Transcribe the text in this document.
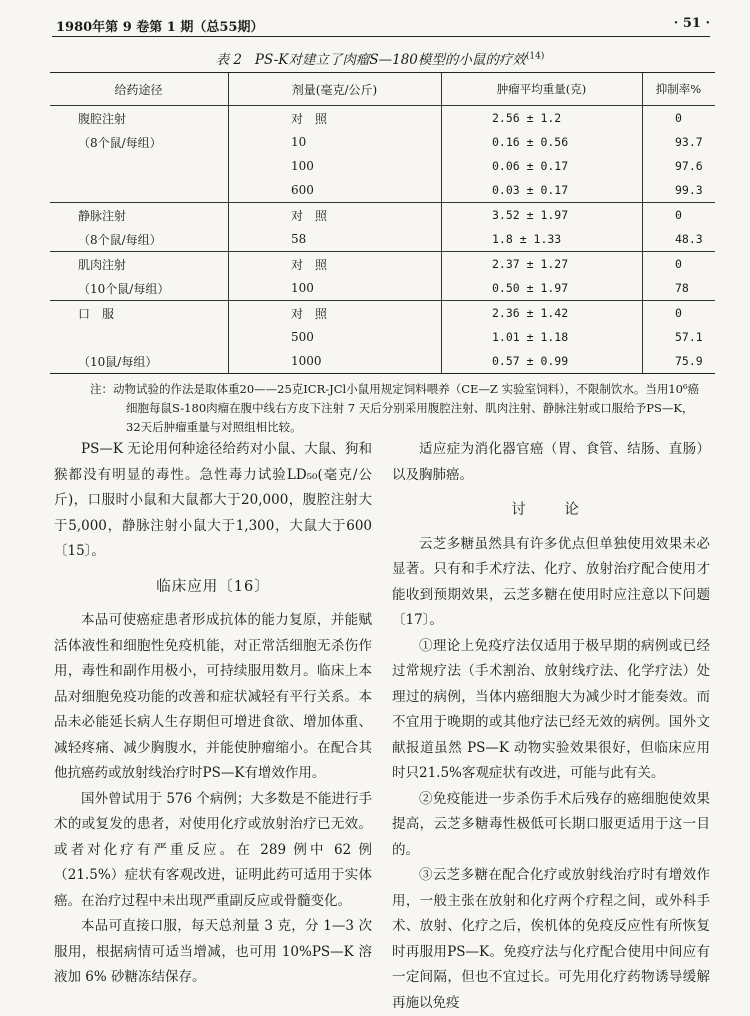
1980年第 9 卷第 1 期（总55期）	· 51 ·
表 2 PS-K对建立了肉瘤S—180模型的小鼠的疗效$^{(14)}$
给药途径	剂量(毫克/公斤)	肿瘤平均重量(克)	抑制率%
腹腔注射	对　照	2.56 ± 1.2	0
（8个鼠/每组）	10	0.16 ± 0.56	93.7
	100	0.06 ± 0.17	97.6
	600	0.03 ± 0.17	99.3
静脉注射	对　照	3.52 ± 1.97	0
（8个鼠/每组）	58	1.8 ± 1.33	48.3
肌肉注射	对　照	2.37 ± 1.27	0
（10个鼠/每组）	100	0.50 ± 1.97	78
口　服	对　照	2.36 ± 1.42	0
	500	1.01 ± 1.18	57.1
（10鼠/每组）	1000	0.57 ± 0.99	75.9
注：动物试验的作法是取体重20——25克ICR-JCl小鼠用规定饲料喂养（CE—Z 实验室饲料），不限制饮水。当用10⁶癌细胞每鼠S-180肉瘤在腹中线右方皮下注射 7 天后分别采用腹腔注射、肌肉注射、静脉注射或口服给予PS—K，32天后肿瘤重量与对照组相比较。

PS—K 无论用何种途径给药对小鼠、大鼠、狗和猴都没有明显的毒性。急性毒力试验LD₅₀(毫克/公斤)，口服时小鼠和大鼠都大于20,000，腹腔注射大于5,000，静脉注射小鼠大于1,300，大鼠大于600〔15〕。

临床应用〔16〕

本品可使癌症患者形成抗体的能力复原，并能赋活体液性和细胞性免疫机能，对正常活细胞无杀伤作用，毒性和副作用极小，可持续服用数月。临床上本品对细胞免疫功能的改善和症状减轻有平行关系。本品未必能延长病人生存期但可增进食欲、增加体重、减轻疼痛、减少胸腹水，并能使肿瘤缩小。在配合其他抗癌药或放射线治疗时PS—K有增效作用。

国外曾试用于 576 个病例；大多数是不能进行手术的或复发的患者，对使用化疗或放射治疗已无效。或者对化疗有严重反应。在 289 例中 62 例（21.5%）症状有客观改进，证明此药可适用于实体癌。在治疗过程中未出现严重副反应或骨髓变化。

本品可直接口服，每天总剂量 3 克，分 1—3 次服用，根据病情可适当增减，也可用 10%PS—K 溶液加 6% 砂糖冻结保存。

适应症为消化器官癌（胃、食管、结肠、直肠）以及胸肺癌。

讨　论

云芝多糖虽然具有许多优点但单独使用效果未必显著。只有和手术疗法、化疗、放射治疗配合使用才能收到预期效果，云芝多糖在使用时应注意以下问题〔17〕。

①理论上免疫疗法仅适用于极早期的病例或已经过常规疗法（手术割治、放射线疗法、化学疗法）处理过的病例，当体内癌细胞大为减少时才能奏效。而不宜用于晚期的或其他疗法已经无效的病例。国外文献报道虽然 PS—K 动物实验效果很好，但临床应用时只21.5%客观症状有改进，可能与此有关。

②免疫能进一步杀伤手术后残存的癌细胞使效果提高，云芝多糖毒性极低可长期口服更适用于这一目的。

③云芝多糖在配合化疗或放射线治疗时有增效作用，一般主张在放射和化疗两个疗程之间，或外科手术、放射、化疗之后，俟机体的免疫反应性有所恢复时再服用PS—K。免疫疗法与化疗配合使用中间应有一定间隔，但也不宜过长。可先用化疗药物诱导缓解再施以免疫
